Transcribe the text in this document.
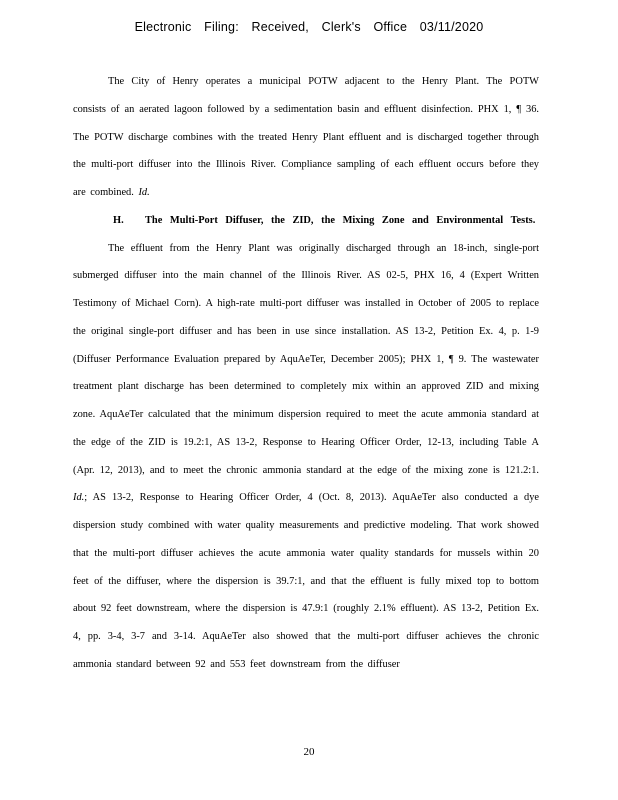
Electronic Filing: Received, Clerk's Office 03/11/2020

The City of Henry operates a municipal POTW adjacent to the Henry Plant. The POTW consists of an aerated lagoon followed by a sedimentation basin and effluent disinfection. PHX 1, ¶ 36. The POTW discharge combines with the treated Henry Plant effluent and is discharged together through the multi-port diffuser into the Illinois River. Compliance sampling of each effluent occurs before they are combined. Id.

H. The Multi-Port Diffuser, the ZID, the Mixing Zone and Environmental Tests.

The effluent from the Henry Plant was originally discharged through an 18-inch, single-port submerged diffuser into the main channel of the Illinois River. AS 02-5, PHX 16, 4 (Expert Written Testimony of Michael Corn). A high-rate multi-port diffuser was installed in October of 2005 to replace the original single-port diffuser and has been in use since installation. AS 13-2, Petition Ex. 4, p. 1-9 (Diffuser Performance Evaluation prepared by AquAeTer, December 2005); PHX 1, ¶ 9. The wastewater treatment plant discharge has been determined to completely mix within an approved ZID and mixing zone. AquAeTer calculated that the minimum dispersion required to meet the acute ammonia standard at the edge of the ZID is 19.2:1, AS 13-2, Response to Hearing Officer Order, 12-13, including Table A (Apr. 12, 2013), and to meet the chronic ammonia standard at the edge of the mixing zone is 121.2:1. Id.; AS 13-2, Response to Hearing Officer Order, 4 (Oct. 8, 2013). AquAeTer also conducted a dye dispersion study combined with water quality measurements and predictive modeling. That work showed that the multi-port diffuser achieves the acute ammonia water quality standards for mussels within 20 feet of the diffuser, where the dispersion is 39.7:1, and that the effluent is fully mixed top to bottom about 92 feet downstream, where the dispersion is 47.9:1 (roughly 2.1% effluent). AS 13-2, Petition Ex. 4, pp. 3-4, 3-7 and 3-14. AquAeTer also showed that the multi-port diffuser achieves the chronic ammonia standard between 92 and 553 feet downstream from the diffuser

20
